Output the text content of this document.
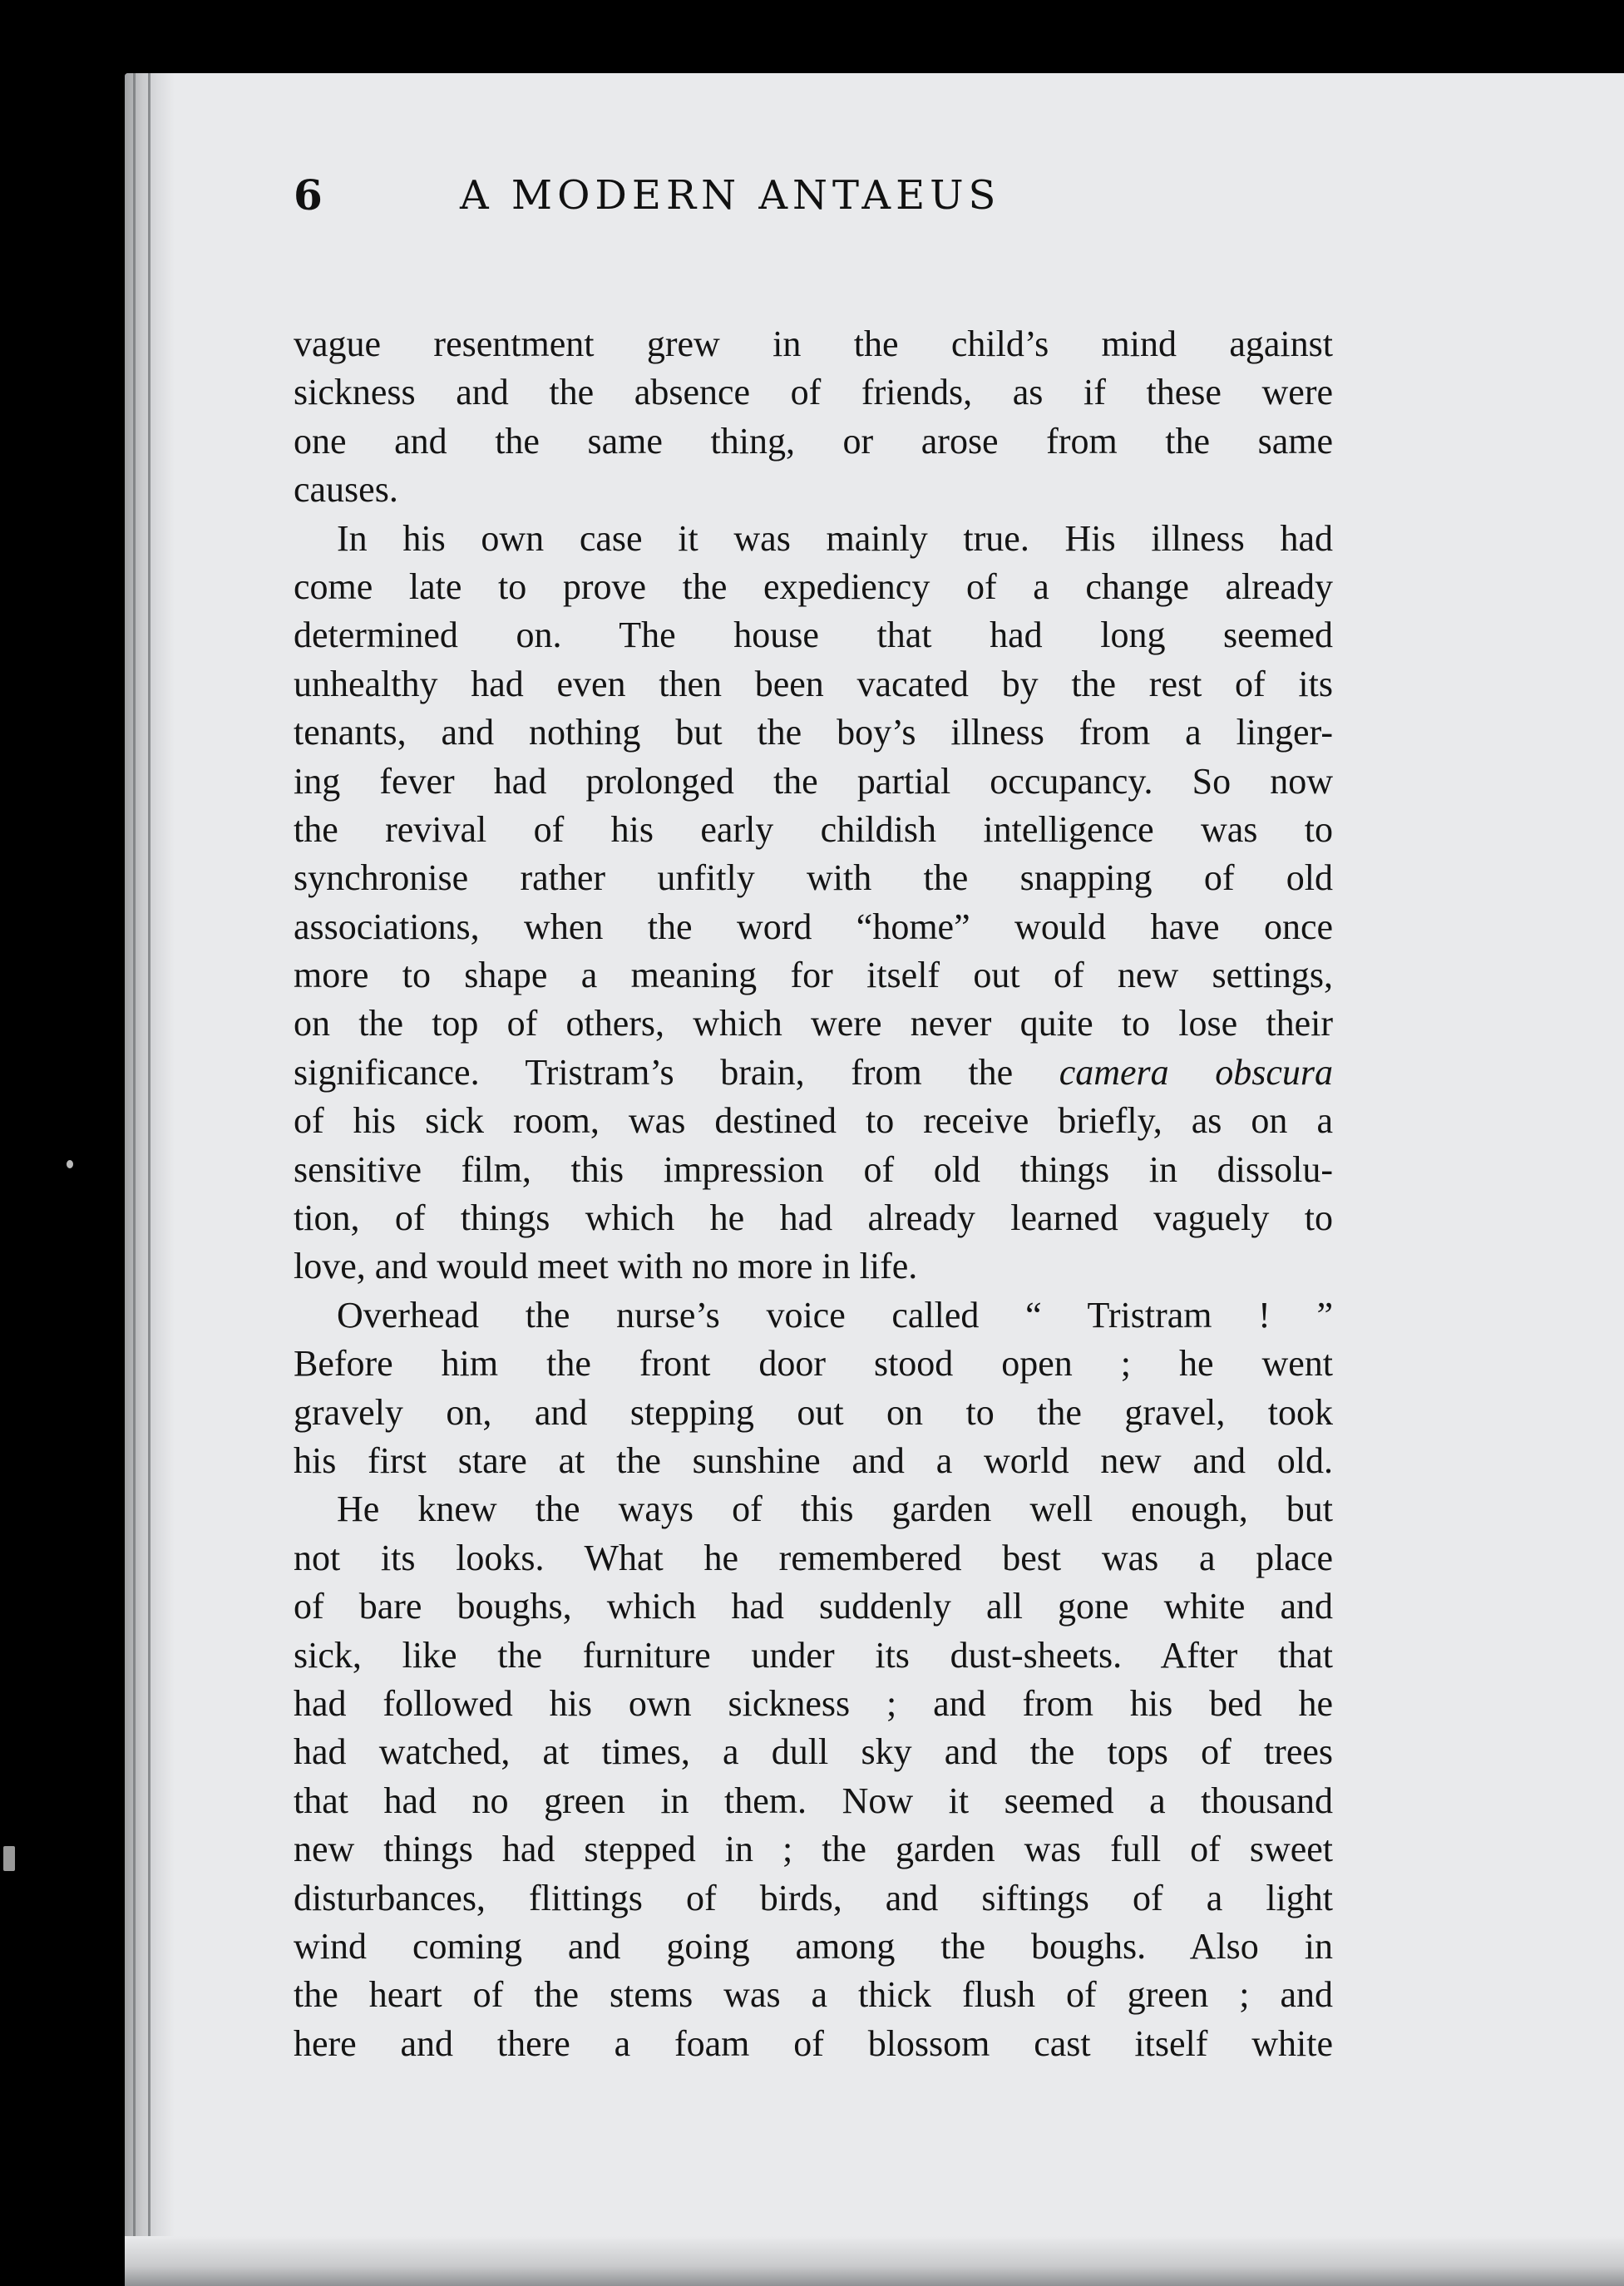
6	A MODERN ANTAEUS
vague resentment grew in the child’s mind against
sickness and the absence of friends, as if these were
one and the same thing, or arose from the same
causes.
In his own case it was mainly true. His illness had
come late to prove the expediency of a change already
determined on. The house that had long seemed
unhealthy had even then been vacated by the rest of its
tenants, and nothing but the boy’s illness from a linger-
ing fever had prolonged the partial occupancy. So now
the revival of his early childish intelligence was to
synchronise rather unfitly with the snapping of old
associations, when the word “home” would have once
more to shape a meaning for itself out of new settings,
on the top of others, which were never quite to lose their
significance. Tristram’s brain, from the camera obscura
of his sick room, was destined to receive briefly, as on a
sensitive film, this impression of old things in dissolu-
tion, of things which he had already learned vaguely to
love, and would meet with no more in life.
Overhead the nurse’s voice called “ Tristram ! ”
Before him the front door stood open ; he went
gravely on, and stepping out on to the gravel, took
his first stare at the sunshine and a world new and old.
He knew the ways of this garden well enough, but
not its looks. What he remembered best was a place
of bare boughs, which had suddenly all gone white and
sick, like the furniture under its dust-sheets. After that
had followed his own sickness ; and from his bed he
had watched, at times, a dull sky and the tops of trees
that had no green in them. Now it seemed a thousand
new things had stepped in ; the garden was full of sweet
disturbances, flittings of birds, and siftings of a light
wind coming and going among the boughs. Also in
the heart of the stems was a thick flush of green ; and
here and there a foam of blossom cast itself white
